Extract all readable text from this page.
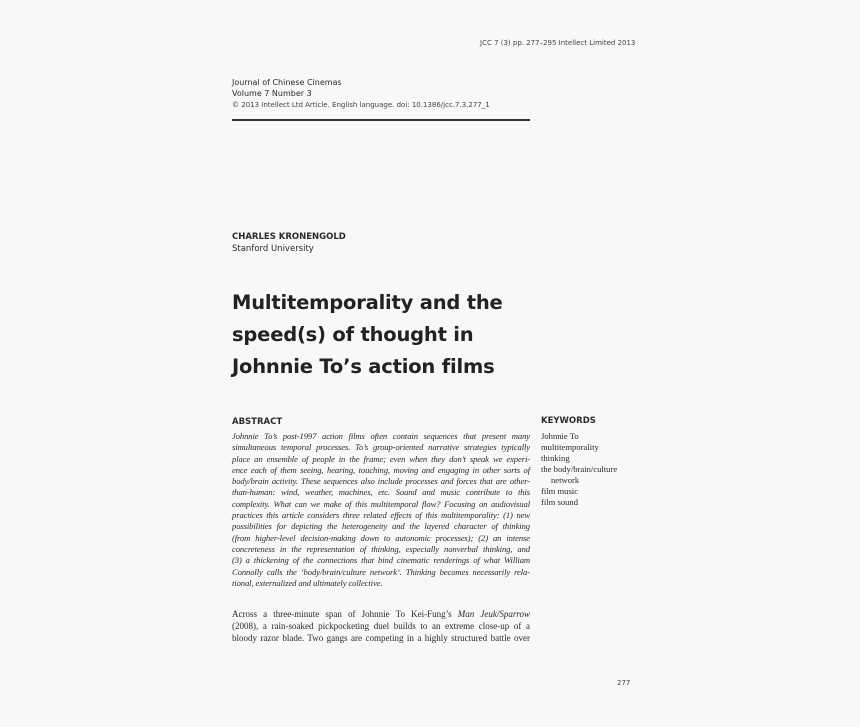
JCC 7 (3) pp. 277–295 Intellect Limited 2013
Journal of Chinese Cinemas
Volume 7 Number 3
© 2013 Intellect Ltd Article. English language. doi: 10.1386/jcc.7.3.277_1
CHARLES KRONENGOLD
Stanford University
Multitemporality and the
speed(s) of thought in
Johnnie To’s action films
ABSTRACT
Johnnie To’s post-1997 action films often contain sequences that present many
simultaneous temporal processes. To’s group-oriented narrative strategies typically
place an ensemble of people in the frame; even when they don’t speak we experi-
ence each of them seeing, hearing, touching, moving and engaging in other sorts of
body/brain activity. These sequences also include processes and forces that are other-
than-human: wind, weather, machines, etc. Sound and music contribute to this
complexity. What can we make of this multitemporal flow? Focusing on audiovisual
practices this article considers three related effects of this multitemporality: (1) new
possibilities for depicting the heterogeneity and the layered character of thinking
(from higher-level decision-making down to autonomic processes); (2) an intense
concreteness in the representation of thinking, especially nonverbal thinking, and
(3) a thickening of the connections that bind cinematic renderings of what William
Connolly calls the ‘body/brain/culture network’. Thinking becomes necessarily rela-
tional, externalized and ultimately collective.
KEYWORDS
Johnnie To
multitemporality
thinking
the body/brain/culture
network
film music
film sound
Across a three-minute span of Johnnie To Kei-Fung’s Man Jeuk/Sparrow
(2008), a rain-soaked pickpocketing duel builds to an extreme close-up of a
bloody razor blade. Two gangs are competing in a highly structured battle over
277
